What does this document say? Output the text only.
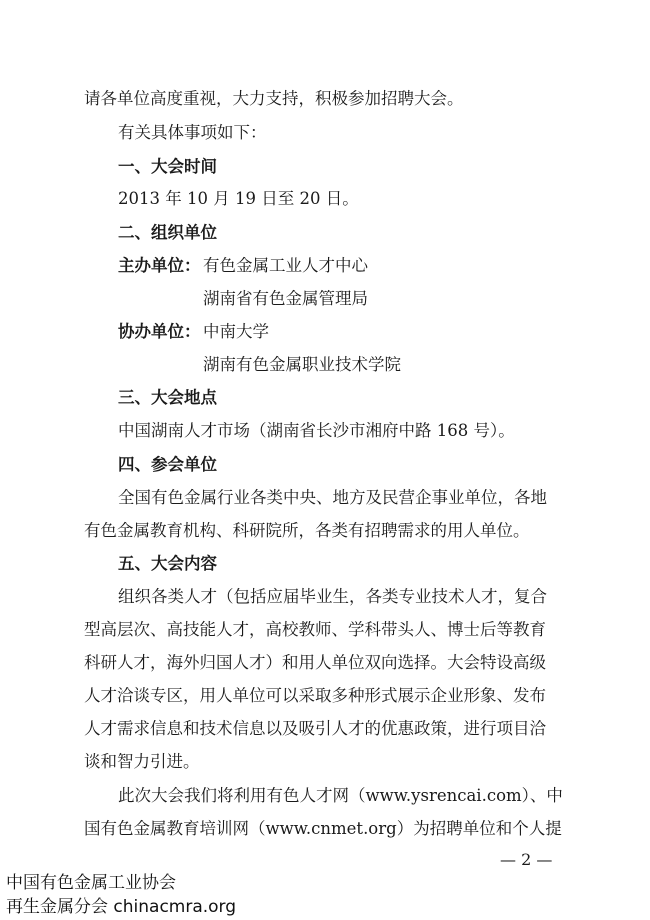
请各单位高度重视，大力支持，积极参加招聘大会。
有关具体事项如下：
一、大会时间
2013 年 10 月 19 日至 20 日。
二、组织单位
主办单位： 有色金属工业人才中心
湖南省有色金属管理局
协办单位： 中南大学
湖南有色金属职业技术学院
三、大会地点
中国湖南人才市场（湖南省长沙市湘府中路 168 号）。
四、参会单位
全国有色金属行业各类中央、地方及民营企事业单位，各地
有色金属教育机构、科研院所，各类有招聘需求的用人单位。
五、大会内容
组织各类人才（包括应届毕业生，各类专业技术人才，复合
型高层次、高技能人才，高校教师、学科带头人、博士后等教育
科研人才，海外归国人才）和用人单位双向选择。大会特设高级
人才洽谈专区，用人单位可以采取多种形式展示企业形象、发布
人才需求信息和技术信息以及吸引人才的优惠政策，进行项目洽
谈和智力引进。
此次大会我们将利用有色人才网（www.ysrencai.com）、中
国有色金属教育培训网（www.cnmet.org）为招聘单位和个人提
— 2 —
中国有色金属工业协会
再生金属分会 chinacmra.org
